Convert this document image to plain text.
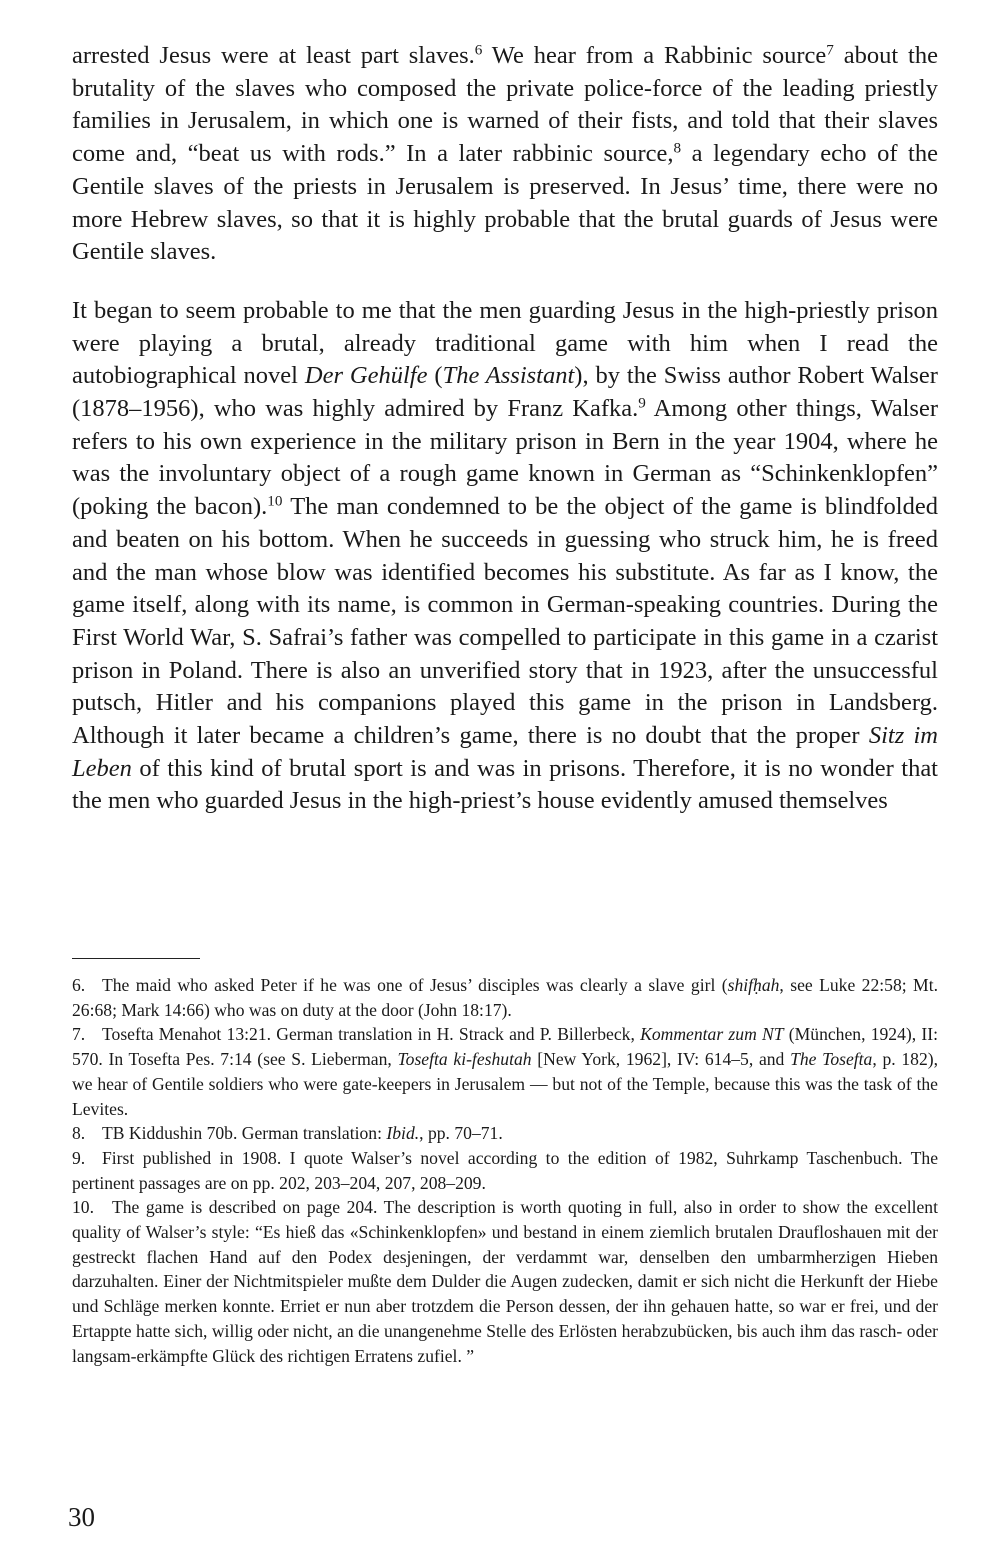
arrested Jesus were at least part slaves.$^6$ We hear from a Rabbinic source$^7$ about the brutality of the slaves who composed the private police-force of the leading priestly families in Jerusalem, in which one is warned of their fists, and told that their slaves come and, “beat us with rods.” In a later rabbinic source,$^8$ a legendary echo of the Gentile slaves of the priests in Jerusalem is preserved. In Jesus’ time, there were no more Hebrew slaves, so that it is highly probable that the brutal guards of Jesus were Gentile slaves.

It began to seem probable to me that the men guarding Jesus in the high-priestly prison were playing a brutal, already traditional game with him when I read the autobiographical novel Der Gehülfe (The Assistant), by the Swiss author Robert Walser (1878–1956), who was highly admired by Franz Kafka.$^9$ Among other things, Walser refers to his own experience in the military prison in Bern in the year 1904, where he was the involuntary object of a rough game known in German as “Schinkenklopfen” (poking the bacon).$^{10}$ The man condemned to be the object of the game is blindfolded and beaten on his bottom. When he succeeds in guessing who struck him, he is freed and the man whose blow was identified becomes his substitute. As far as I know, the game itself, along with its name, is common in German-speaking countries. During the First World War, S. Safrai’s father was compelled to participate in this game in a czarist prison in Poland. There is also an unverified story that in 1923, after the unsuccessful putsch, Hitler and his companions played this game in the prison in Landsberg. Although it later became a children’s game, there is no doubt that the proper Sitz im Leben of this kind of brutal sport is and was in prisons. Therefore, it is no wonder that the men who guarded Jesus in the high-priest’s house evidently amused themselves

6. The maid who asked Peter if he was one of Jesus’ disciples was clearly a slave girl (shifḥah, see Luke 22:58; Mt. 26:68; Mark 14:66) who was on duty at the door (John 18:17).

7. Tosefta Menahot 13:21. German translation in H. Strack and P. Billerbeck, Kommentar zum NT (München, 1924), II: 570. In Tosefta Pes. 7:14 (see S. Lieberman, Tosefta ki-feshutah [New York, 1962], IV: 614–5, and The Tosefta, p. 182), we hear of Gentile soldiers who were gate-keepers in Jerusalem — but not of the Temple, because this was the task of the Levites.

8. TB Kiddushin 70b. German translation: Ibid., pp. 70–71.

9. First published in 1908. I quote Walser’s novel according to the edition of 1982, Suhrkamp Taschenbuch. The pertinent passages are on pp. 202, 203–204, 207, 208–209.

10. The game is described on page 204. The description is worth quoting in full, also in order to show the excellent quality of Walser’s style: “Es hieß das «Schinkenklopfen» und bestand in einem ziemlich brutalen Draufloshauen mit der gestreckt flachen Hand auf den Podex desjeningen, der verdammt war, denselben den umbarmherzigen Hieben darzuhalten. Einer der Nichtmitspieler mußte dem Dulder die Augen zudecken, damit er sich nicht die Herkunft der Hiebe und Schläge merken konnte. Erriet er nun aber trotzdem die Person dessen, der ihn gehauen hatte, so war er frei, und der Ertappte hatte sich, willig oder nicht, an die unangenehme Stelle des Erlösten herabzubücken, bis auch ihm das rasch- oder langsam-erkämpfte Glück des richtigen Erratens zufiel. ”

30
